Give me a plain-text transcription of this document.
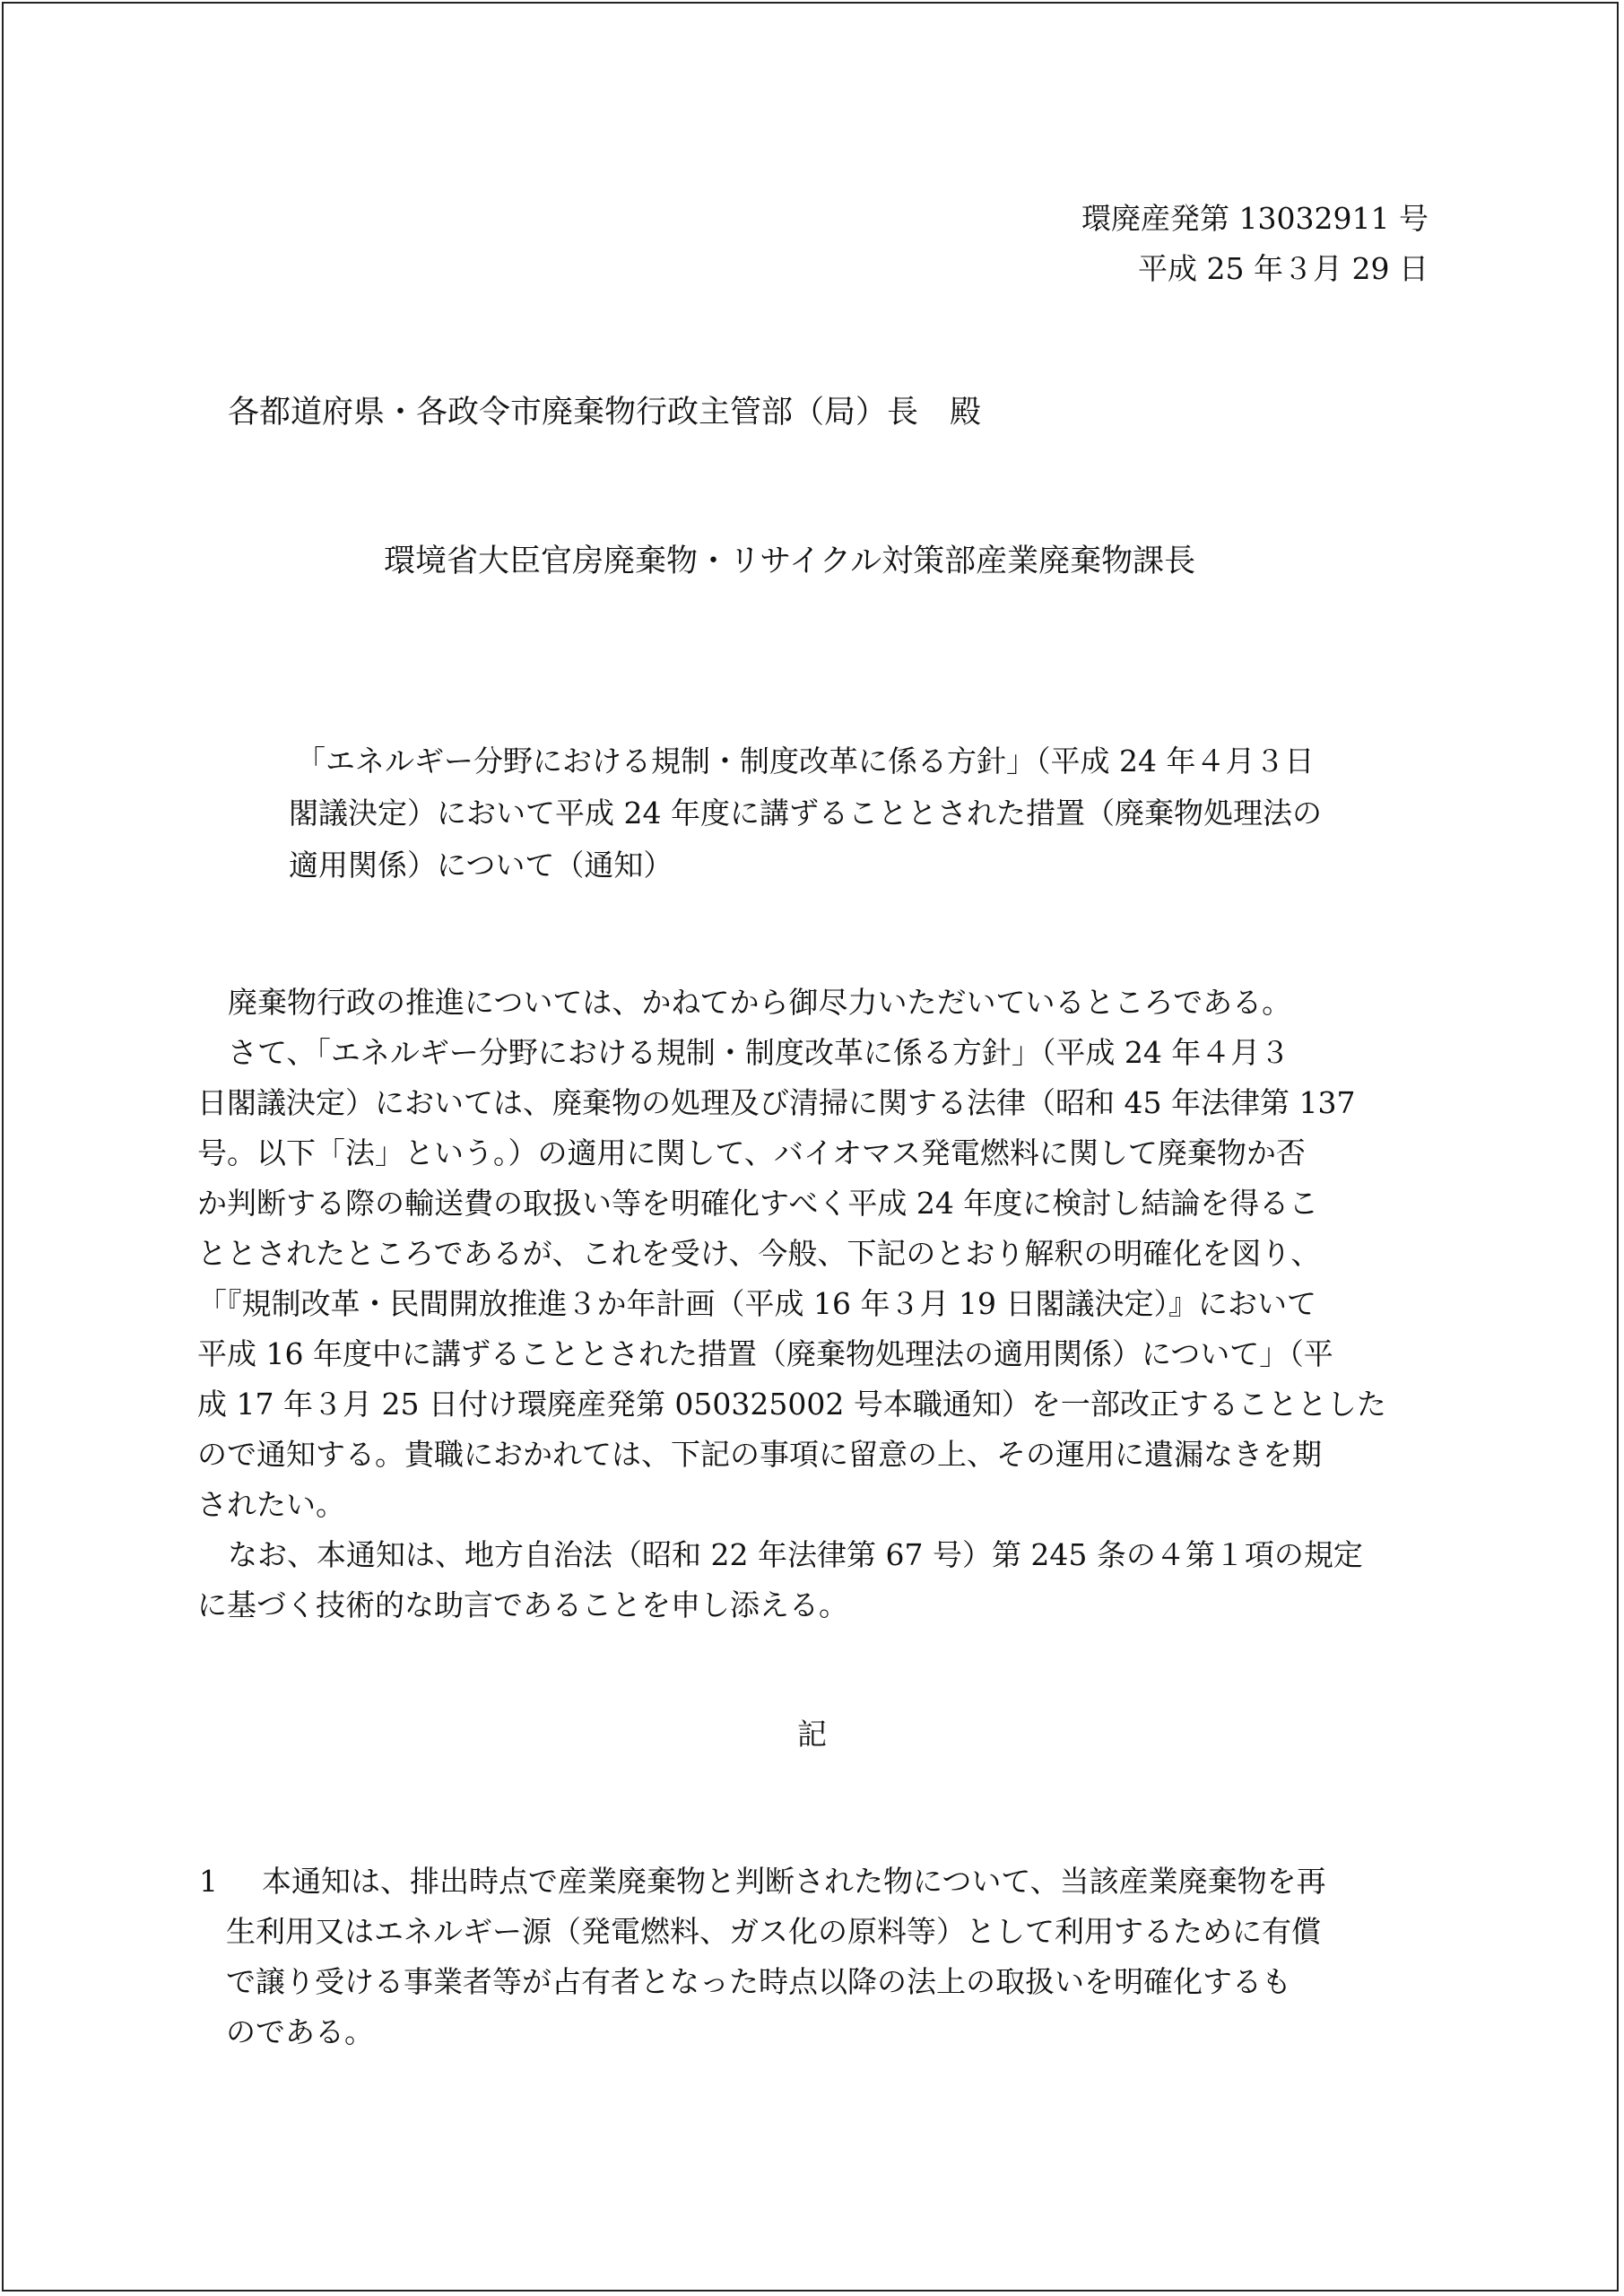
環廃産発第 13032911 号
平成 25 年３月 29 日
各都道府県・各政令市廃棄物行政主管部（局）長　殿
環境省大臣官房廃棄物・リサイクル対策部産業廃棄物課長
「エネルギー分野における規制・制度改革に係る方針」（平成 24 年４月３日
閣議決定）において平成 24 年度に講ずることとされた措置（廃棄物処理法の
適用関係）について（通知）
廃棄物行政の推進については、かねてから御尽力いただいているところである。
さて、「エネルギー分野における規制・制度改革に係る方針」（平成 24 年４月３
日閣議決定）においては、廃棄物の処理及び清掃に関する法律（昭和 45 年法律第 137
号。以下「法」という。）の適用に関して、バイオマス発電燃料に関して廃棄物か否
か判断する際の輸送費の取扱い等を明確化すべく平成 24 年度に検討し結論を得るこ
ととされたところであるが、これを受け、今般、下記のとおり解釈の明確化を図り、
「『規制改革・民間開放推進３か年計画（平成 16 年３月 19 日閣議決定）』において
平成 16 年度中に講ずることとされた措置（廃棄物処理法の適用関係）について」（平
成 17 年３月 25 日付け環廃産発第 050325002 号本職通知）を一部改正することとした
ので通知する。貴職におかれては、下記の事項に留意の上、その運用に遺漏なきを期
されたい。
なお、本通知は、地方自治法（昭和 22 年法律第 67 号）第 245 条の４第１項の規定
に基づく技術的な助言であることを申し添える。
記
1 本通知は、排出時点で産業廃棄物と判断された物について、当該産業廃棄物を再
生利用又はエネルギー源（発電燃料、ガス化の原料等）として利用するために有償
で譲り受ける事業者等が占有者となった時点以降の法上の取扱いを明確化するも
のである。
